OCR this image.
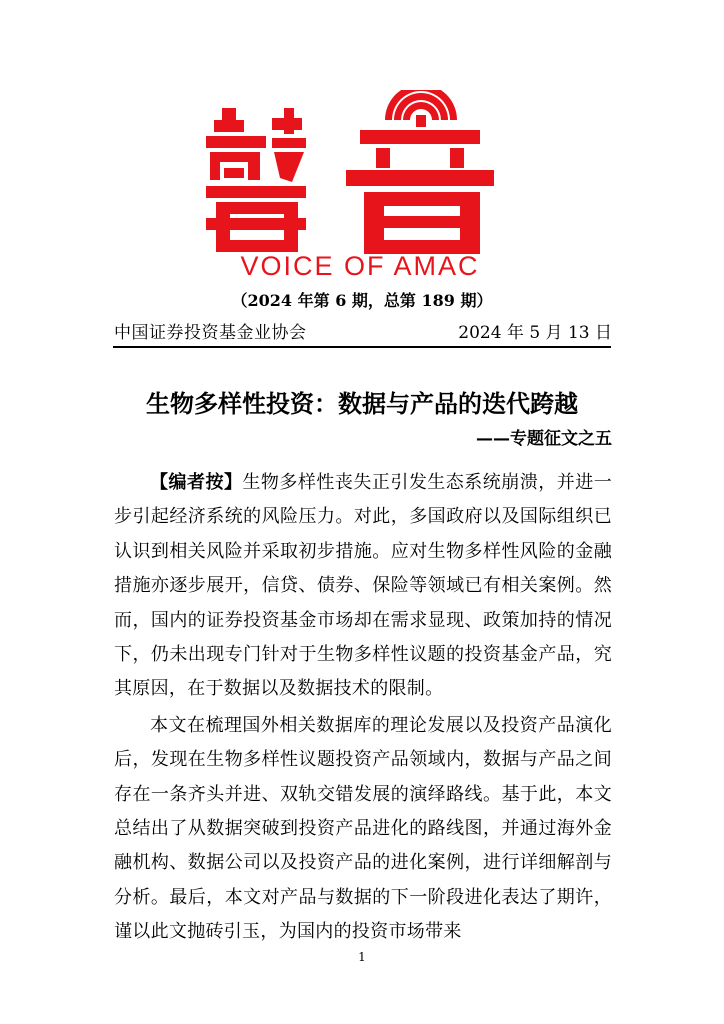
VOICE OF AMAC
（2024 年第 6 期，总第 189 期）
中国证券投资基金业协会	2024 年 5 月 13 日
生物多样性投资：数据与产品的迭代跨越
——专题征文之五

【编者按】生物多样性丧失正引发生态系统崩溃，并进一步引起经济系统的风险压力。对此，多国政府以及国际组织已认识到相关风险并采取初步措施。应对生物多样性风险的金融措施亦逐步展开，信贷、债券、保险等领域已有相关案例。然而，国内的证券投资基金市场却在需求显现、政策加持的情况下，仍未出现专门针对于生物多样性议题的投资基金产品，究其原因，在于数据以及数据技术的限制。

本文在梳理国外相关数据库的理论发展以及投资产品演化后，发现在生物多样性议题投资产品领域内，数据与产品之间存在一条齐头并进、双轨交错发展的演绎路线。基于此，本文总结出了从数据突破到投资产品进化的路线图，并通过海外金融机构、数据公司以及投资产品的进化案例，进行详细解剖与分析。最后，本文对产品与数据的下一阶段进化表达了期许，谨以此文抛砖引玉，为国内的投资市场带来

1
